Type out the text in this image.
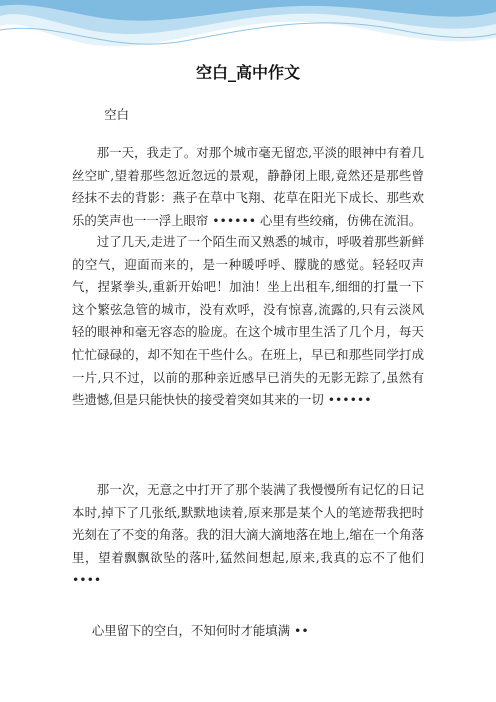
空白_高中作文

空白

那一天，我走了。对那个城市毫无留恋,平淡的眼神中有着几丝空旷,望着那些忽近忽远的景观，静静闭上眼,竟然还是那些曾经抹不去的背影：燕子在草中飞翔、花草在阳光下成长、那些欢乐的笑声也一一浮上眼帘 •••••• 心里有些绞痛，仿佛在流泪。

过了几天,走进了一个陌生而又熟悉的城市，呼吸着那些新鲜的空气，迎面而来的，是一种暖呼呼、朦胧的感觉。轻轻叹声气，捏紧拳头,重新开始吧！加油！坐上出租车,细细的打量一下这个繁弦急管的城市，没有欢呼，没有惊喜,流露的,只有云淡风轻的眼神和毫无容态的脸庞。在这个城市里生活了几个月，每天忙忙碌碌的，却不知在干些什么。在班上，早已和那些同学打成一片,只不过，以前的那种亲近感早已消失的无影无踪了,虽然有些遗憾,但是只能快快的接受着突如其来的一切 ••••••

那一次，无意之中打开了那个装满了我慢慢所有记忆的日记本时,掉下了几张纸,默默地读着,原来那是某个人的笔迹帮我把时光刻在了不变的角落。我的泪大滴大滴地落在地上,缩在一个角落里，望着飘飘欲坠的落叶,猛然间想起,原来,我真的忘不了他们 ••••

心里留下的空白，不知何时才能填满 ••
